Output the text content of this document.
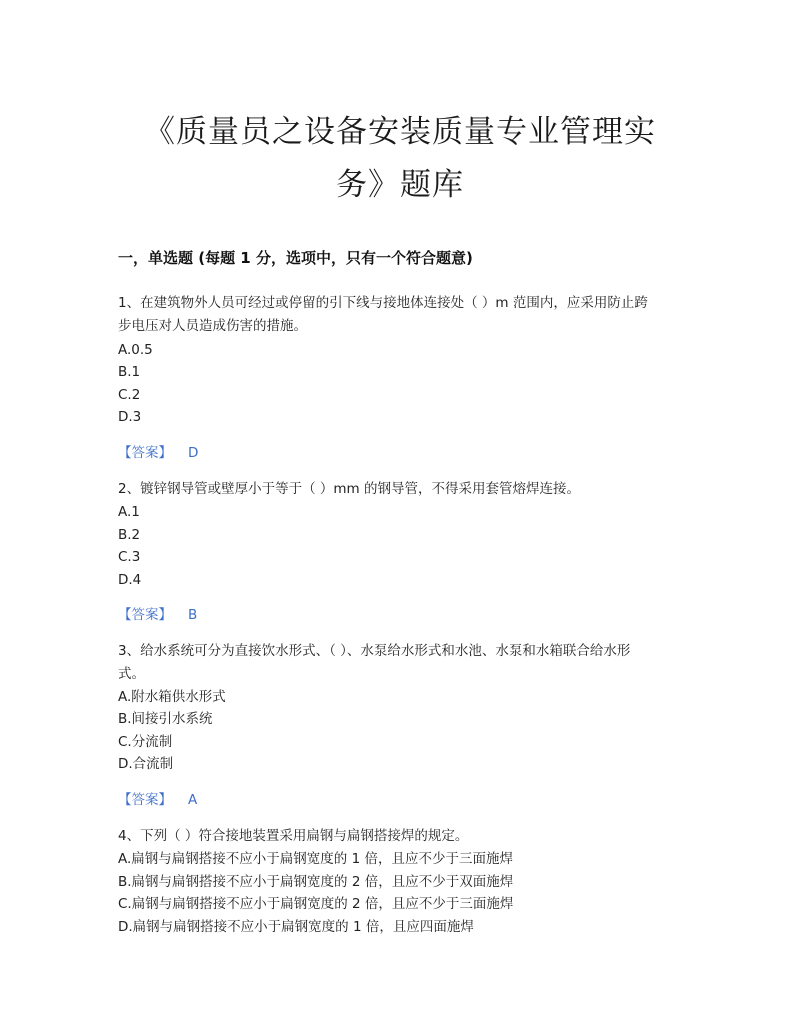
《质量员之设备安装质量专业管理实
务》题库
一，单选题 (每题 1 分，选项中，只有一个符合题意)
1、在建筑物外人员可经过或停留的引下线与接地体连接处（ ）m 范围内，应采用防止跨
步电压对人员造成伤害的措施。
A.0.5
B.1
C.2
D.3
【答案】 D
2、镀锌钢导管或壁厚小于等于（ ）mm 的钢导管，不得采用套管熔焊连接。
A.1
B.2
C.3
D.4
【答案】 B
3、给水系统可分为直接饮水形式、（ ）、水泵给水形式和水池、水泵和水箱联合给水形
式。
A.附水箱供水形式
B.间接引水系统
C.分流制
D.合流制
【答案】 A
4、下列（ ）符合接地装置采用扁钢与扁钢搭接焊的规定。
A.扁钢与扁钢搭接不应小于扁钢宽度的 1 倍，且应不少于三面施焊
B.扁钢与扁钢搭接不应小于扁钢宽度的 2 倍，且应不少于双面施焊
C.扁钢与扁钢搭接不应小于扁钢宽度的 2 倍，且应不少于三面施焊
D.扁钢与扁钢搭接不应小于扁钢宽度的 1 倍，且应四面施焊
